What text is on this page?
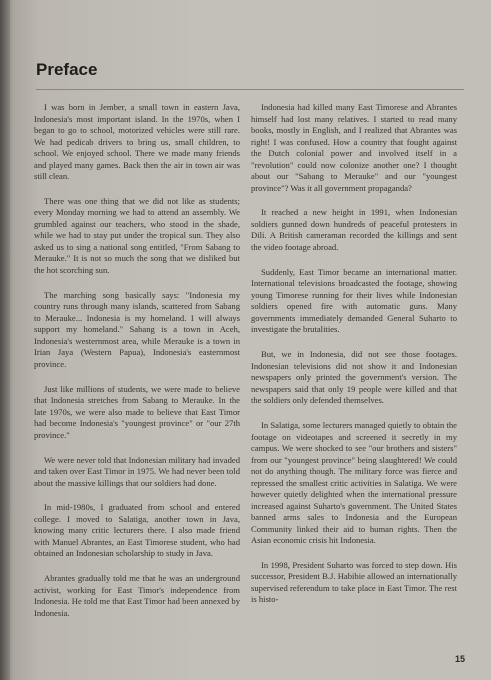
Preface

I was born in Jember, a small town in eastern Java, Indonesia's most important island. In the 1970s, when I began to go to school, motorized vehicles were still rare. We had pedicab drivers to bring us, small children, to school. We enjoyed school. There we made many friends and played many games. Back then the air in town air was still clean.

There was one thing that we did not like as students; every Monday morning we had to attend an assembly. We grumbled against our teachers, who stood in the shade, while we had to stay put under the tropical sun. They also asked us to sing a national song entitled, "From Sabang to Merauke." It is not so much the song that we disliked but the hot scorching sun.

The marching song basically says: "Indonesia my country runs through many islands, scattered from Sabang to Meraukе... Indonesia is my homeland. I will always support my homeland." Sabang is a town in Aceh, Indonesia's westernmost area, while Merauke is a town in Irian Jaya (Western Papua), Indonesia's easternmost province.

Just like millions of students, we were made to believe that Indonesia stretches from Sabang to Merauke. In the late 1970s, we were also made to believe that East Timor had become Indonesia's "youngest province" or "our 27th province."

We were never told that Indonesian military had invaded and taken over East Timor in 1975. We had never been told about the massive killings that our soldiers had done.

In mid-1980s, I graduated from school and entered college. I moved to Salatiga, another town in Java, knowing many critic lecturers there. I also made friend with Manuel Abrantes, an East Timorese student, who had obtained an Indonesian scholarship to study in Java.

Abrantes gradually told me that he was an underground activist, working for East Timor's independence from Indonesia. He told me that East Timor had been annexed by Indonesia.

Indonesia had killed many East Timorese and Abrantes himself had lost many relatives. I started to read many books, mostly in English, and I realized that Abrantes was right! I was confused. How a country that fought against the Dutch colonial power and involved itself in a "revolution" could now colonize another one? I thought about our "Sabang to Merauke" and our "youngest province"? Was it all government propaganda?

It reached a new height in 1991, when Indonesian soldiers gunned down hundreds of peaceful protesters in Dili. A British cameraman recorded the killings and sent the video footage abroad.

Suddenly, East Timor became an international matter. International televisions broadcasted the footage, showing young Timorese running for their lives while Indonesian soldiers opened fire with automatic guns. Many governments immediately demanded General Suharto to investigate the brutalities.

But, we in Indonesia, did not see those footages. Indonesian televisions did not show it and Indonesian newspapers only printed the government's version. The newspapers said that only 19 people were killed and that the soldiers only defended themselves.

In Salatiga, some lecturers managed quietly to obtain the footage on videotapes and screened it secretly in my campus. We were shocked to see "our brothers and sisters" from our "youngest province" being slaughtered! We could not do anything though. The military force was fierce and repressed the smallest critic activities in Salatiga. We were however quietly delighted when the international pressure increased against Suharto's government. The United States banned arms sales to Indonesia and the European Community linked their aid to human rights. Then the Asian economic crisis hit Indonesia.

In 1998, President Suharto was forced to step down. His successor, President B.J. Habibie allowed an internationally supervised referendum to take place in East Timor. The rest is histo-

15
